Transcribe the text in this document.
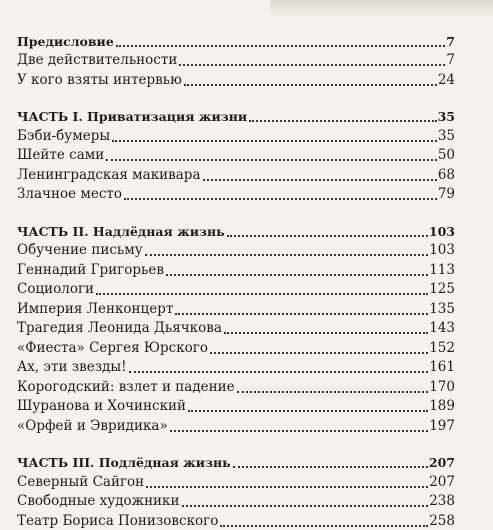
Предисловие	7
Две действительности	7
У кого взяты интервью	24
ЧАСТЬ I. Приватизация жизни	35
Бэби-бумеры	35
Шейте сами	50
Ленинградская макивара	68
Злачное место	79
ЧАСТЬ II. Надлёдная жизнь	103
Обучение письму	103
Геннадий Григорьев	113
Социологи	125
Империя Ленконцерт	135
Трагедия Леонида Дьячкова	143
«Фиеста» Сергея Юрского	152
Ах, эти звезды!	161
Корогодский: взлет и падение	170
Шуранова и Хочинский	189
«Орфей и Эвридика»	197
ЧАСТЬ III. Подлёдная жизнь	207
Северный Сайгон	207
Свободные художники	238
Театр Бориса Понизовского	258
